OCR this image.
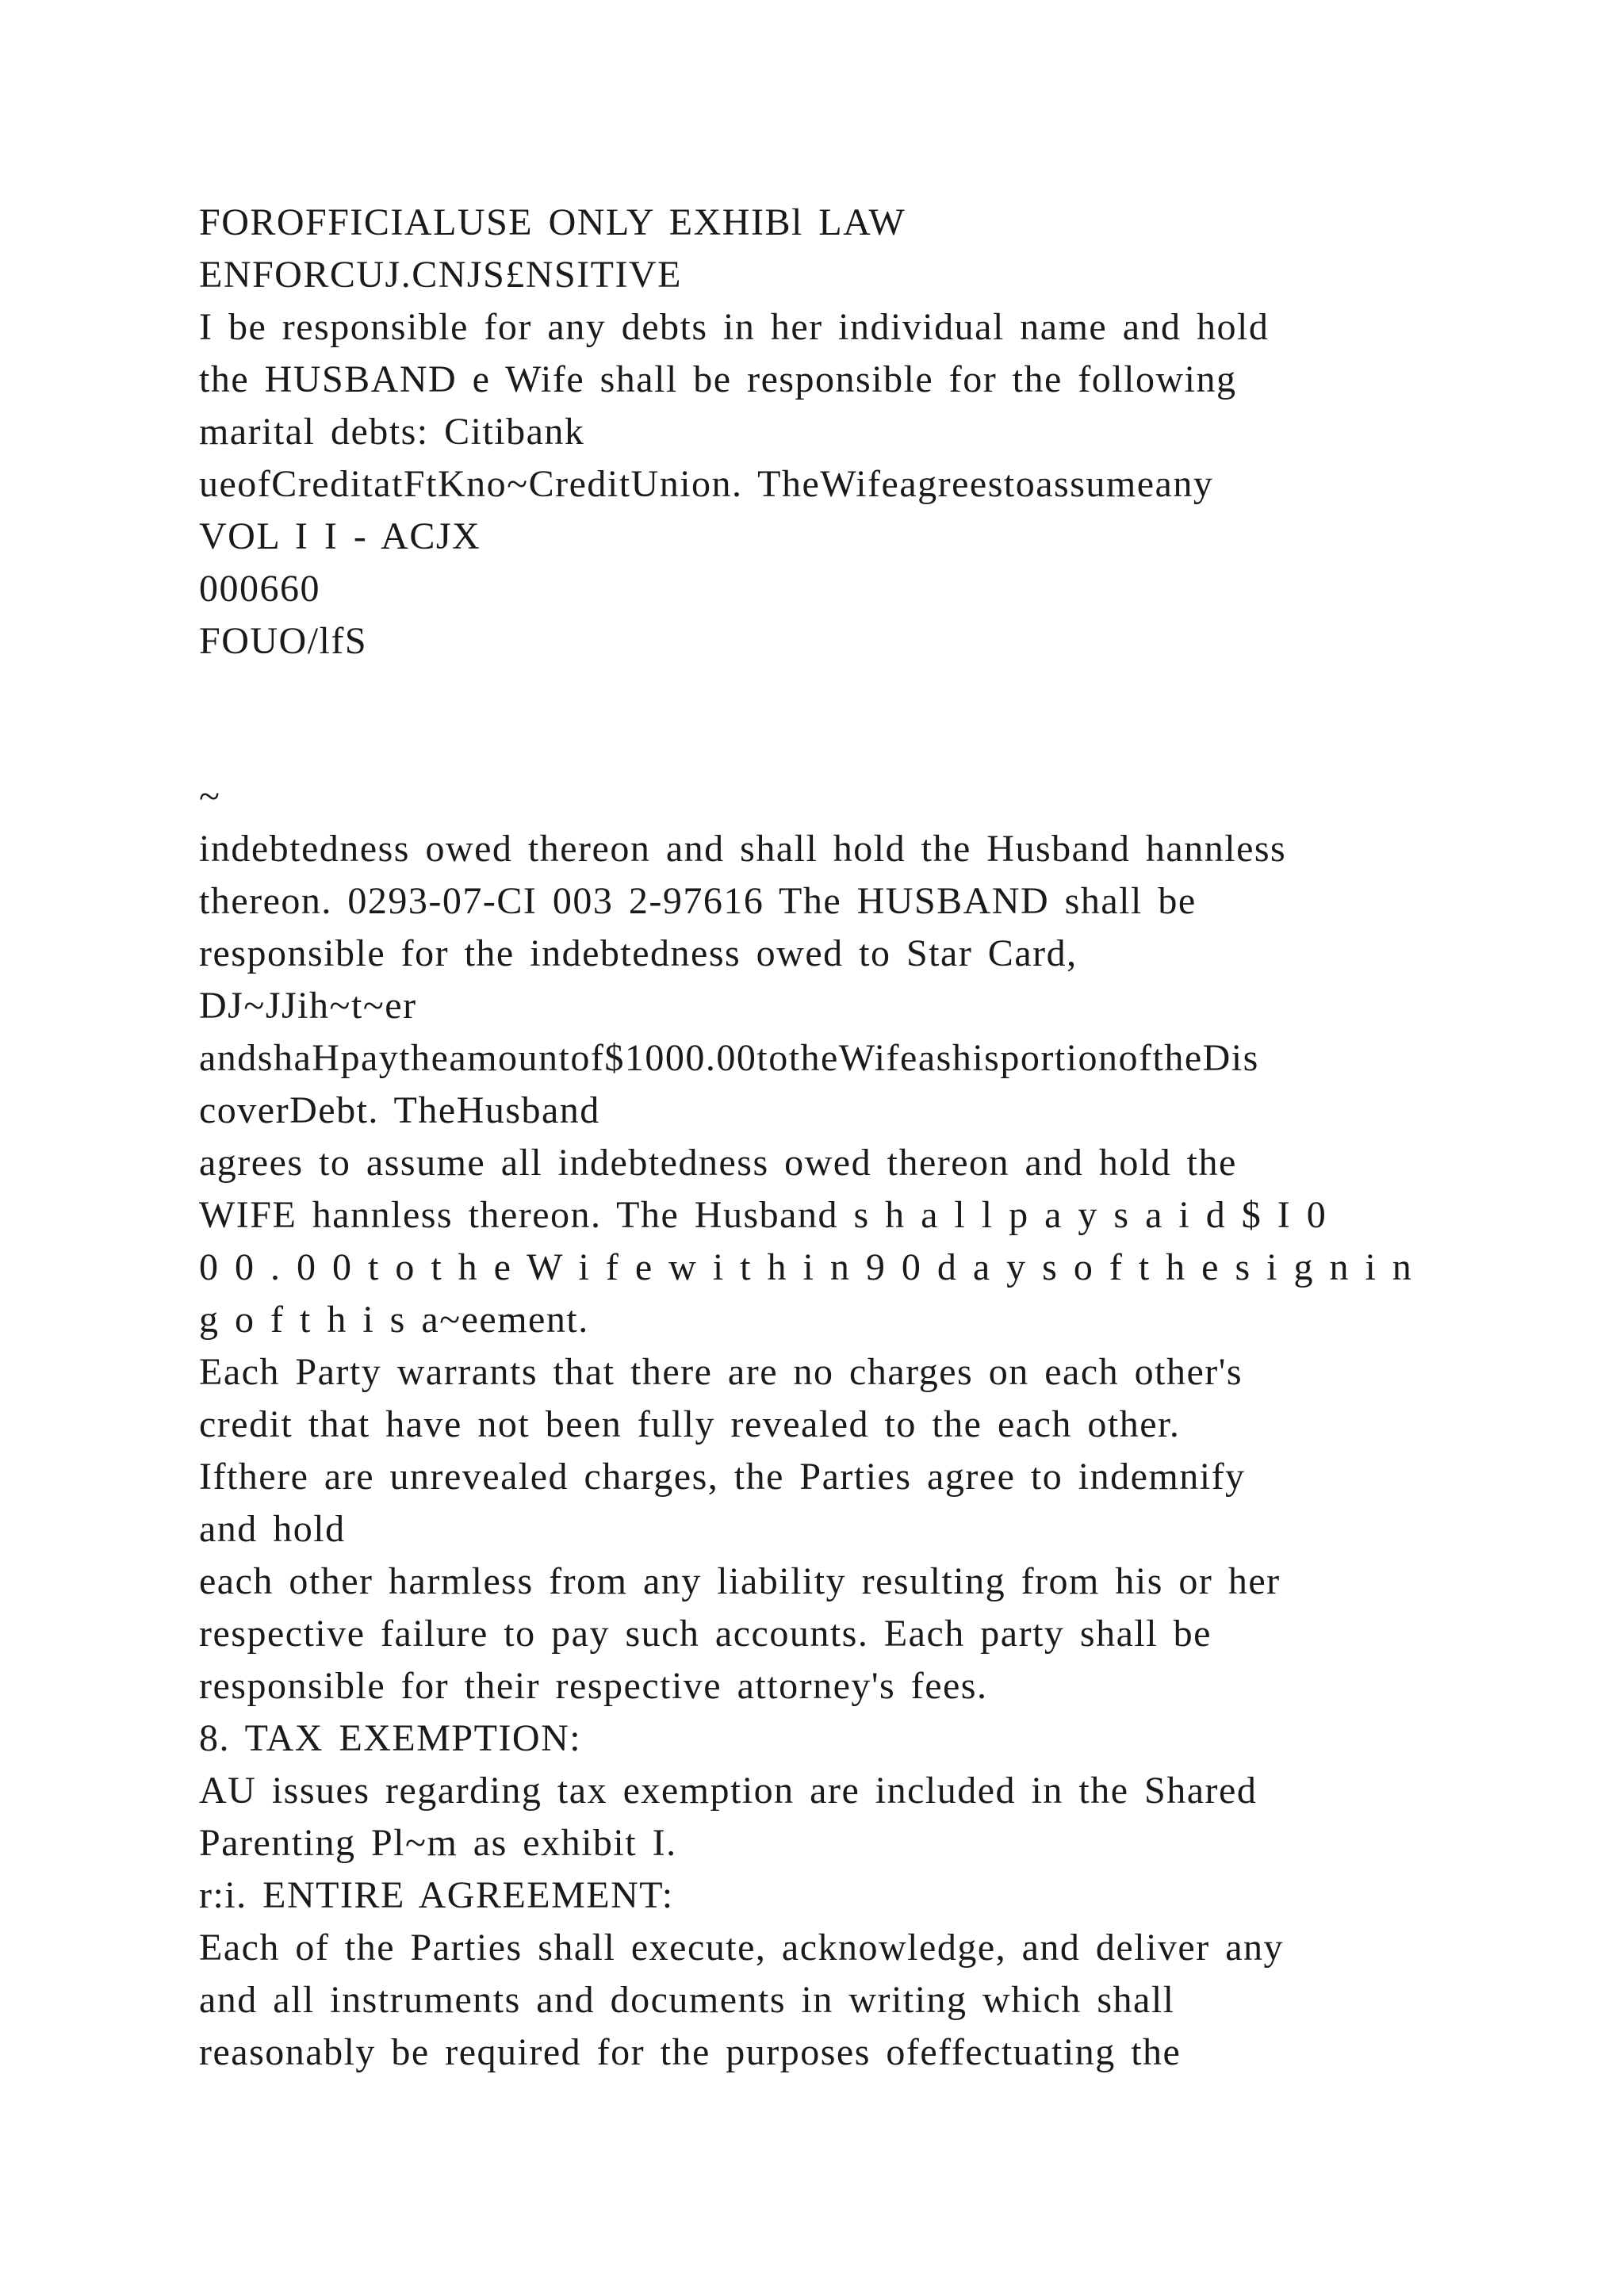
FOROFFICIALUSE ONLY EXHIBl LAW
ENFORCUJ.CNJS£NSITIVE
I be responsible for any debts in her individual name and hold
the HUSBAND e Wife shall be responsible for the following
marital debts: Citibank
ueofCreditatFtKno~CreditUnion. TheWifeagreestoassumeany
VOL I I - ACJX
000660
FOUO/lfS
~
indebtedness owed thereon and shall hold the Husband hannless
thereon. 0293-07-CI 003 2-97616 The HUSBAND shall be
responsible for the indebtedness owed to Star Card,
DJ~JJih~t~er
andshaHpaytheamountof$1000.00totheWifeashisportionoftheDis
coverDebt. TheHusband
agrees to assume all indebtedness owed thereon and hold the
WIFE hannless thereon. The Husband s h a l l p a y s a i d $ I 0
0 0 . 0 0 t o t h e W i f e w i t h i n 9 0 d a y s o f t h e s i g n i n
g o f t h i s a~eement.
Each Party warrants that there are no charges on each other's
credit that have not been fully revealed to the each other.
Ifthere are unrevealed charges, the Parties agree to indemnify
and hold
each other harmless from any liability resulting from his or her
respective failure to pay such accounts. Each party shall be
responsible for their respective attorney's fees.
8. TAX EXEMPTION:
AU issues regarding tax exemption are included in the Shared
Parenting Pl~m as exhibit I.
r:i. ENTIRE AGREEMENT:
Each of the Parties shall execute, acknowledge, and deliver any
and all instruments and documents in writing which shall
reasonably be required for the purposes ofeffectuating the
